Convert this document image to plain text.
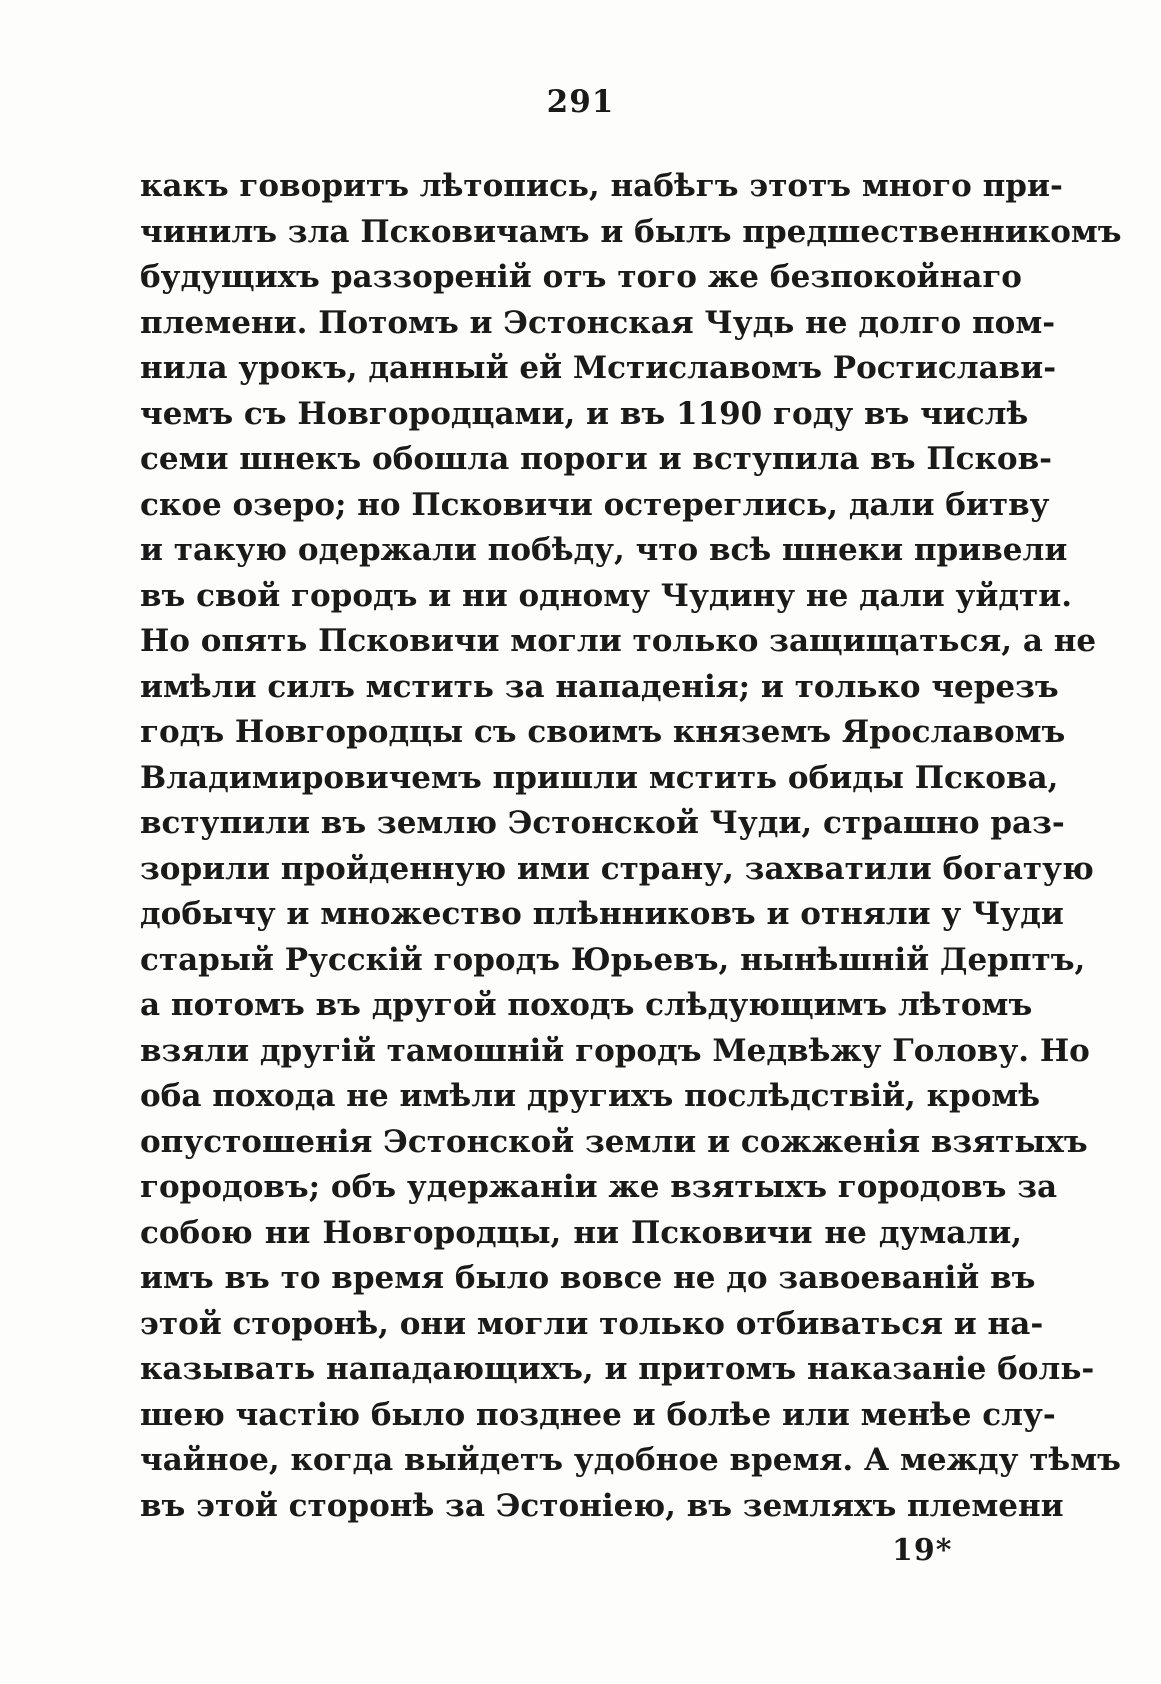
291
какъ говоритъ лѣтопись, набѣгъ этотъ много при-
чинилъ зла Псковичамъ и былъ предшественникомъ
будущихъ раззореній отъ того же безпокойнаго
племени. Потомъ и Эстонская Чудь не долго пом-
нила урокъ, данный ей Мстиславомъ Ростислави-
чемъ съ Новгородцами, и въ 1190 году въ числѣ
семи шнекъ обошла пороги и вступила въ Псков-
ское озеро; но Псковичи остереглись, дали битву
и такую одержали побѣду, что всѣ шнеки привели
въ свой городъ и ни одному Чудину не дали уйдти.
Но опять Псковичи могли только защищаться, а не
имѣли силъ мстить за нападенія; и только черезъ
годъ Новгородцы съ своимъ княземъ Ярославомъ
Владимировичемъ пришли мстить обиды Пскова,
вступили въ землю Эстонской Чуди, страшно раз-
зорили пройденную ими страну, захватили богатую
добычу и множество плѣнниковъ и отняли у Чуди
старый Русскій городъ Юрьевъ, нынѣшній Дерптъ,
а потомъ въ другой походъ слѣдующимъ лѣтомъ
взяли другій тамошній городъ Медвѣжу Голову. Но
оба похода не имѣли другихъ послѣдствій, кромѣ
опустошенія Эстонской земли и сожженія взятыхъ
городовъ; объ удержаніи же взятыхъ городовъ за
собою ни Новгородцы, ни Псковичи не думали,
имъ въ то время было вовсе не до завоеваній въ
этой сторонѣ, они могли только отбиваться и на-
казывать нападающихъ, и притомъ наказаніе боль-
шею частію было позднее и болѣе или менѣе слу-
чайное, когда выйдетъ удобное время. А между тѣмъ
въ этой сторонѣ за Эстоніею, въ земляхъ племени
19*
